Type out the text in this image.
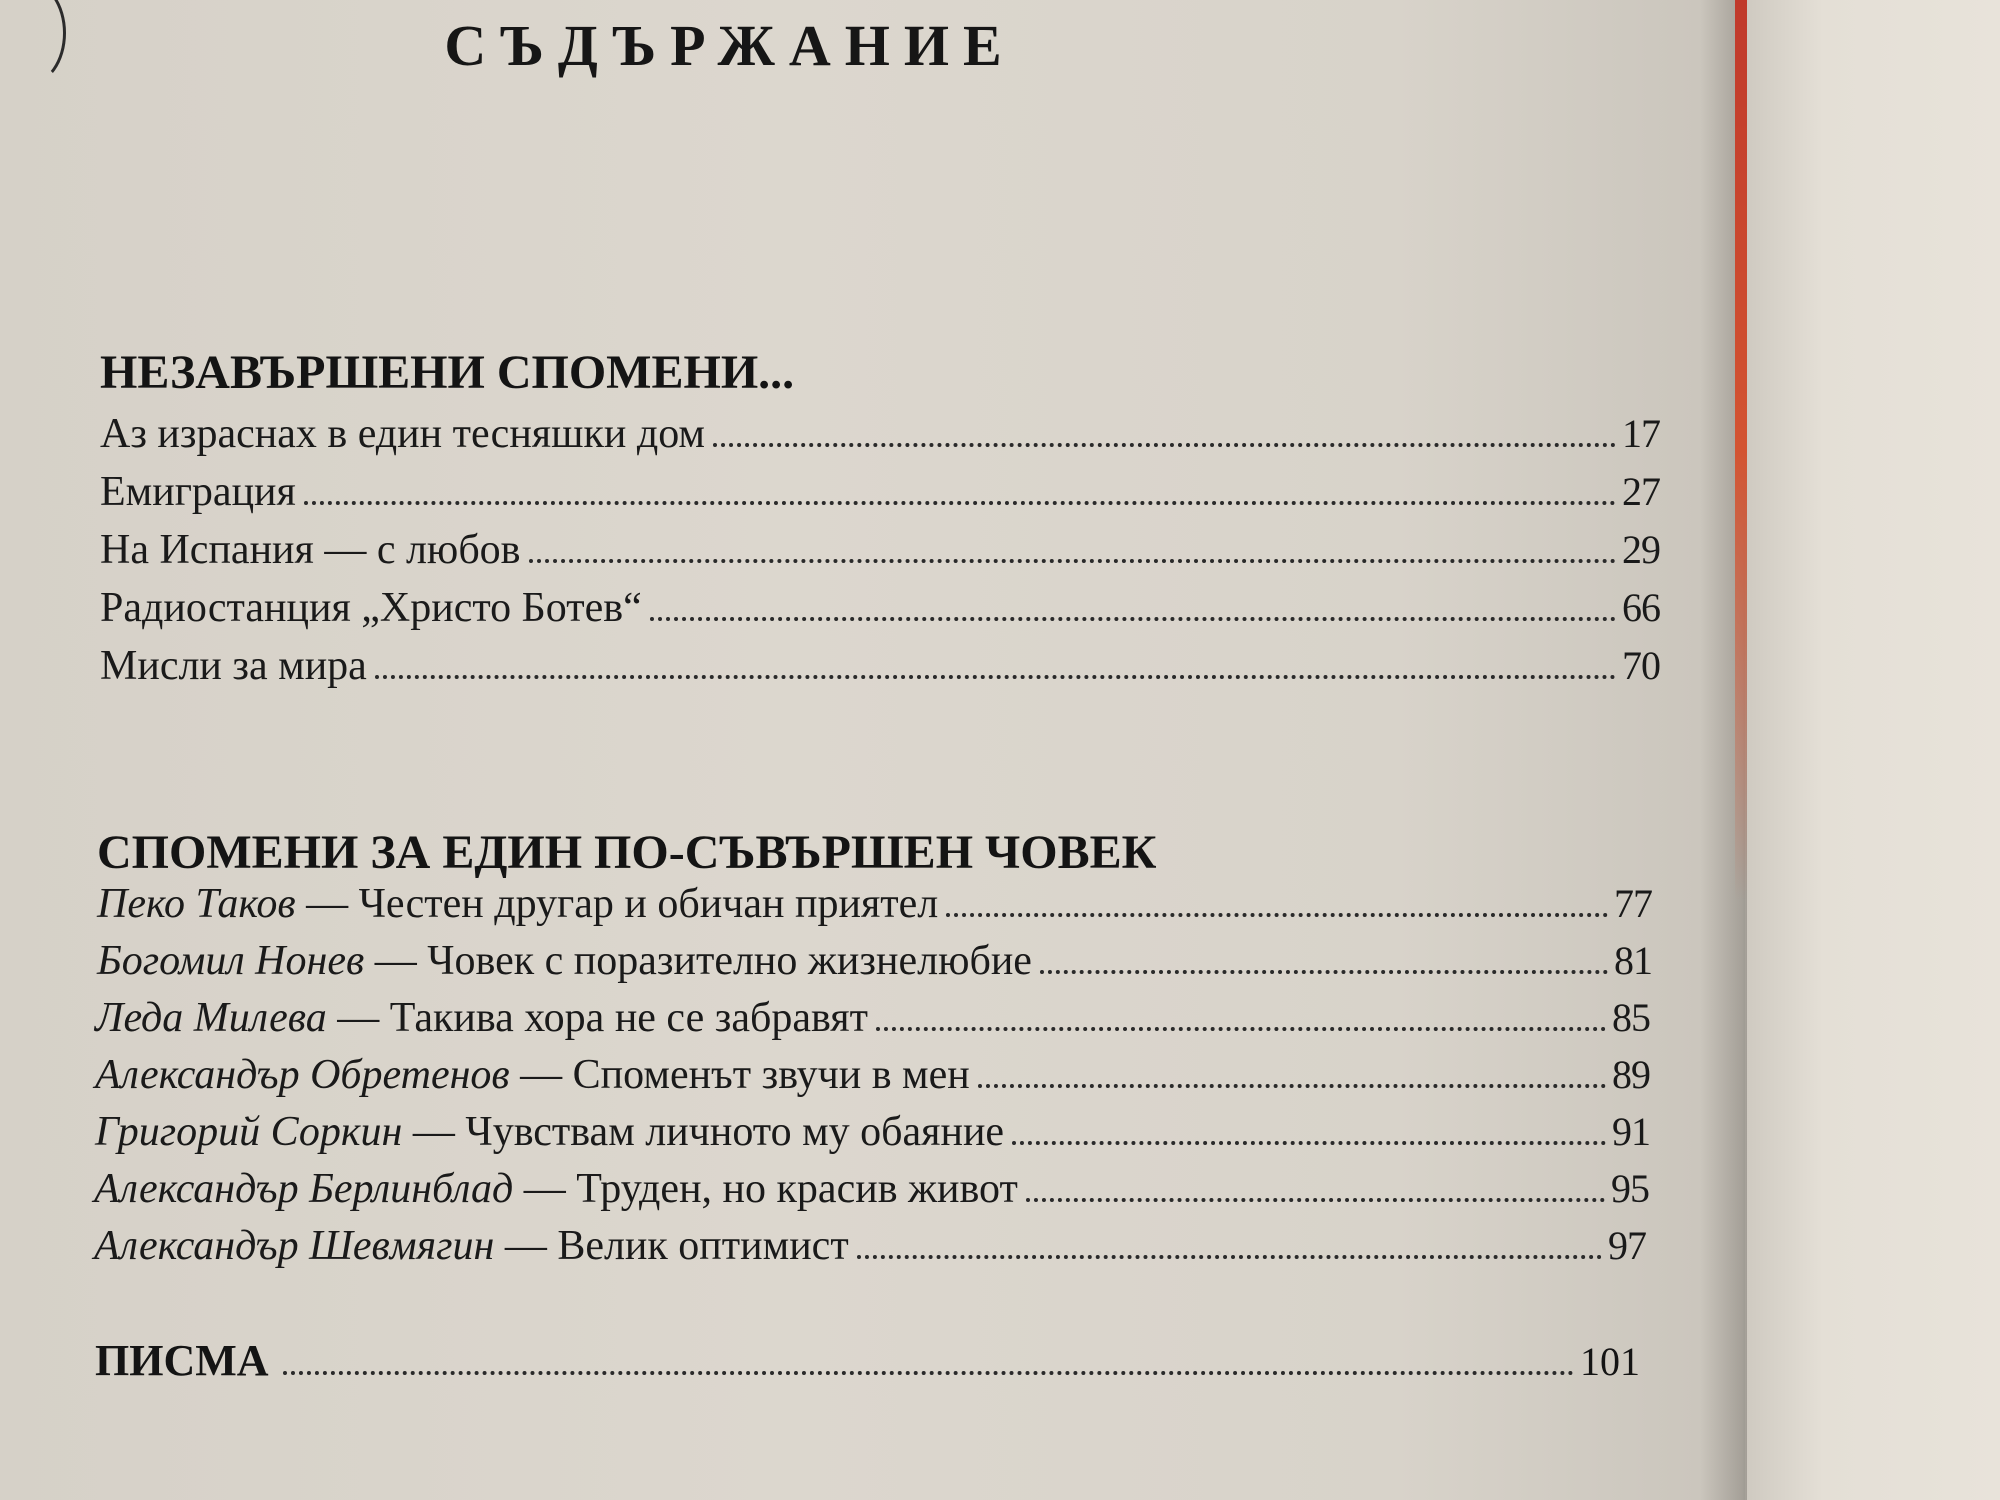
СЪДЪРЖАНИЕ
НЕЗАВЪРШЕНИ СПОМЕНИ...
Аз израснах в един тесняшки дом	17
Емиграция	27
На Испания — с любов	29
Радиостанция „Христо Ботев“	66
Мисли за мира	70
СПОМЕНИ ЗА ЕДИН ПО-СЪВЪРШЕН ЧОВЕК
Пеко Таков — Честен другар и обичан приятел	77
Богомил Нонев — Човек с поразително жизнелюбие	81
Леда Милева — Такива хора не се забравят	85
Александър Обретенов — Споменът звучи в мен	89
Григорий Соркин — Чувствам личното му обаяние	91
Александър Берлинблад — Труден, но красив живот	95
Александър Шевмягин — Велик оптимист	97
ПИСМА	101
